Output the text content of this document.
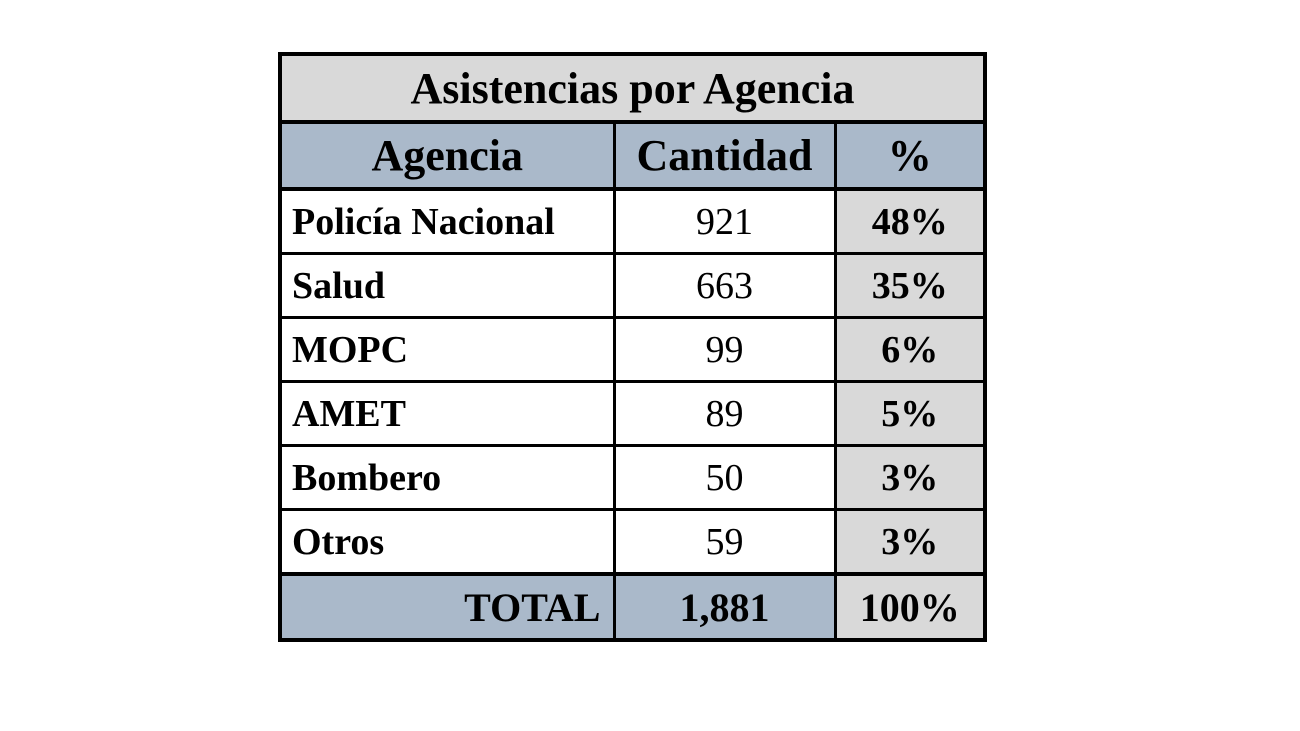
Asistencias por Agencia		
Agencia	Cantidad	%
Policía Nacional	921	48%
Salud	663	35%
MOPC	99	6%
AMET	89	5%
Bombero	50	3%
Otros	59	3%
TOTAL	1,881	100%
